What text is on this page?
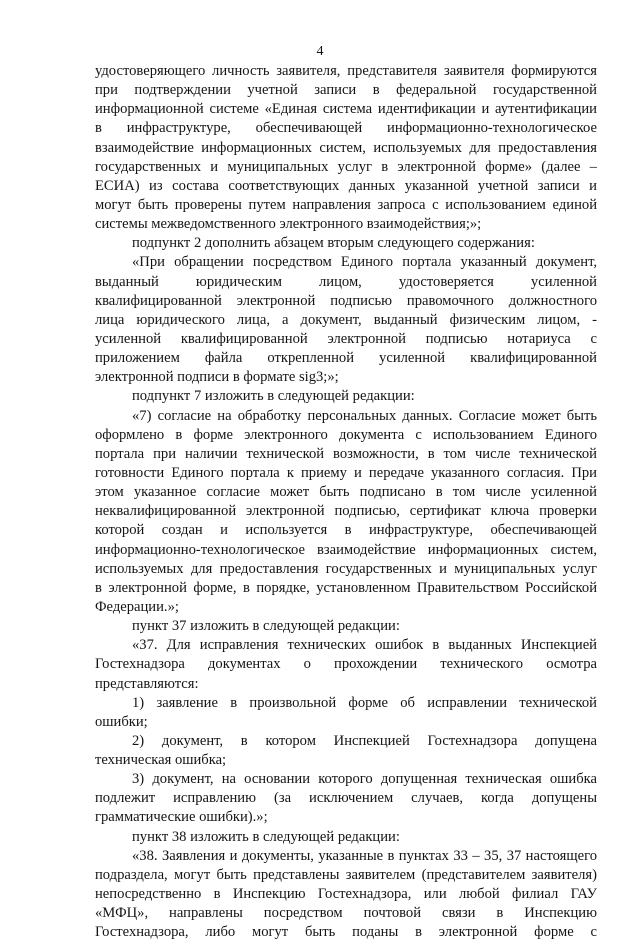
4
удостоверяющего личность заявителя, представителя заявителя формируются
при подтверждении учетной записи в федеральной государственной
информационной системе «Единая система идентификации и аутентификации
в инфраструктуре, обеспечивающей информационно-технологическое
взаимодействие информационных систем, используемых для предоставления
государственных и муниципальных услуг в электронной форме» (далее –
ЕСИА) из состава соответствующих данных указанной учетной записи и
могут быть проверены путем направления запроса с использованием единой
системы межведомственного электронного взаимодействия;»;
подпункт 2 дополнить абзацем вторым следующего содержания:
«При обращении посредством Единого портала указанный документ,
выданный юридическим лицом, удостоверяется усиленной
квалифицированной электронной подписью правомочного должностного
лица юридического лица, а документ, выданный физическим лицом, -
усиленной квалифицированной электронной подписью нотариуса с
приложением файла открепленной усиленной квалифицированной
электронной подписи в формате sig3;»;
подпункт 7 изложить в следующей редакции:
«7) согласие на обработку персональных данных. Согласие может быть
оформлено в форме электронного документа с использованием Единого
портала при наличии технической возможности, в том числе технической
готовности Единого портала к приему и передаче указанного согласия. При
этом указанное согласие может быть подписано в том числе усиленной
неквалифицированной электронной подписью, сертификат ключа проверки
которой создан и используется в инфраструктуре, обеспечивающей
информационно-технологическое взаимодействие информационных систем,
используемых для предоставления государственных и муниципальных услуг
в электронной форме, в порядке, установленном Правительством Российской
Федерации.»;
пункт 37 изложить в следующей редакции:
«37. Для исправления технических ошибок в выданных Инспекцией
Гостехнадзора документах о прохождении технического осмотра
представляются:
1) заявление в произвольной форме об исправлении технической
ошибки;
2) документ, в котором Инспекцией Гостехнадзора допущена
техническая ошибка;
3) документ, на основании которого допущенная техническая ошибка
подлежит исправлению (за исключением случаев, когда допущены
грамматические ошибки).»;
пункт 38 изложить в следующей редакции:
«38. Заявления и документы, указанные в пунктах 33 – 35, 37 настоящего
подраздела, могут быть представлены заявителем (представителем заявителя)
непосредственно в Инспекцию Гостехнадзора, или любой филиал ГАУ
«МФЦ», направлены посредством почтовой связи в Инспекцию
Гостехнадзора, либо могут быть поданы в электронной форме с
